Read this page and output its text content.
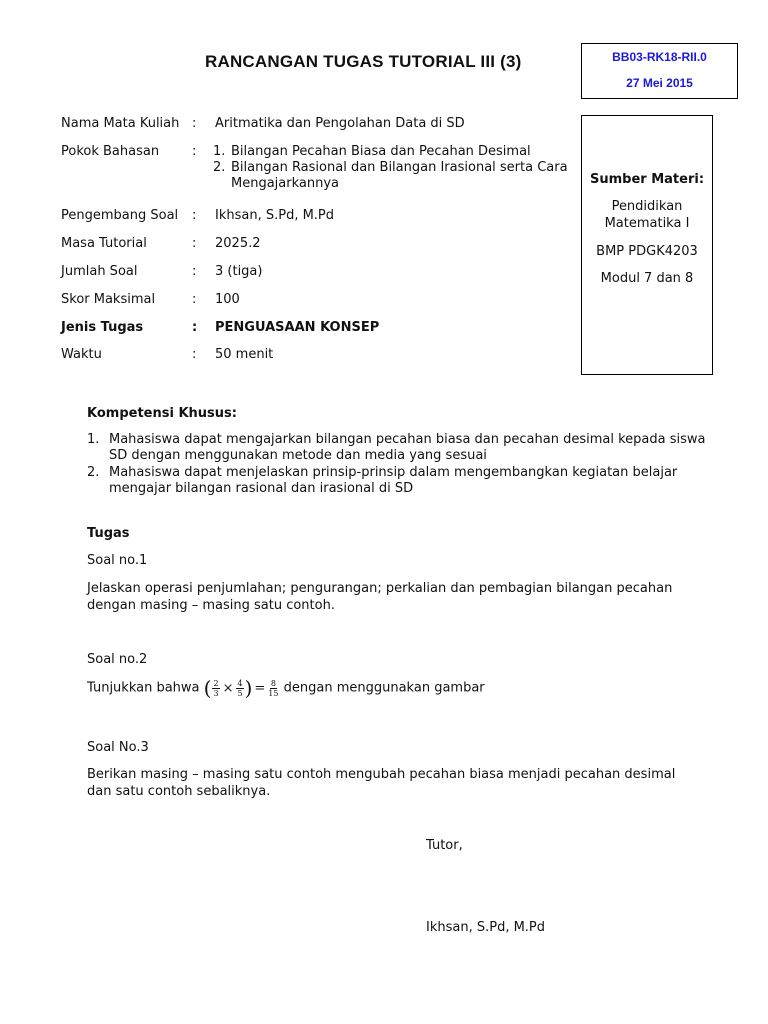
RANCANGAN TUGAS TUTORIAL III (3)	BB03-RK18-RII.0
27 Mei 2015
Nama Mata Kuliah : Aritmatika dan Pengolahan Data di SD
Pokok Bahasan	: 1. Bilangan Pecahan Biasa dan Pecahan Desimal
2. Bilangan Rasional dan Bilangan Irasional serta Cara Mengajarkannya
Pengembang Soal : Ikhsan, S.Pd, M.Pd
Masa Tutorial	: 2025.2
Jumlah Soal	: 3 (tiga)
Skor Maksimal	: 100
Jenis Tugas	: PENGUASAAN KONSEP
Waktu	: 50 menit
Sumber Materi:
Pendidikan Matematika I
BMP PDGK4203
Modul 7 dan 8
Kompetensi Khusus:
1. Mahasiswa dapat mengajarkan bilangan pecahan biasa dan pecahan desimal kepada siswa SD dengan menggunakan metode dan media yang sesuai
2. Mahasiswa dapat menjelaskan prinsip-prinsip dalam mengembangkan kegiatan belajar mengajar bilangan rasional dan irasional di SD
Tugas
Soal no.1
Jelaskan operasi penjumlahan; pengurangan; perkalian dan pembagian bilangan pecahan dengan masing – masing satu contoh.
Soal no.2
Tunjukkan bahwa ( $\frac{2}{3} \times \frac{4}{5}$ ) = $\frac{8}{15}$ dengan menggunakan gambar
Soal No.3
Berikan masing – masing satu contoh mengubah pecahan biasa menjadi pecahan desimal dan satu contoh sebaliknya.
Tutor,
Ikhsan, S.Pd, M.Pd
